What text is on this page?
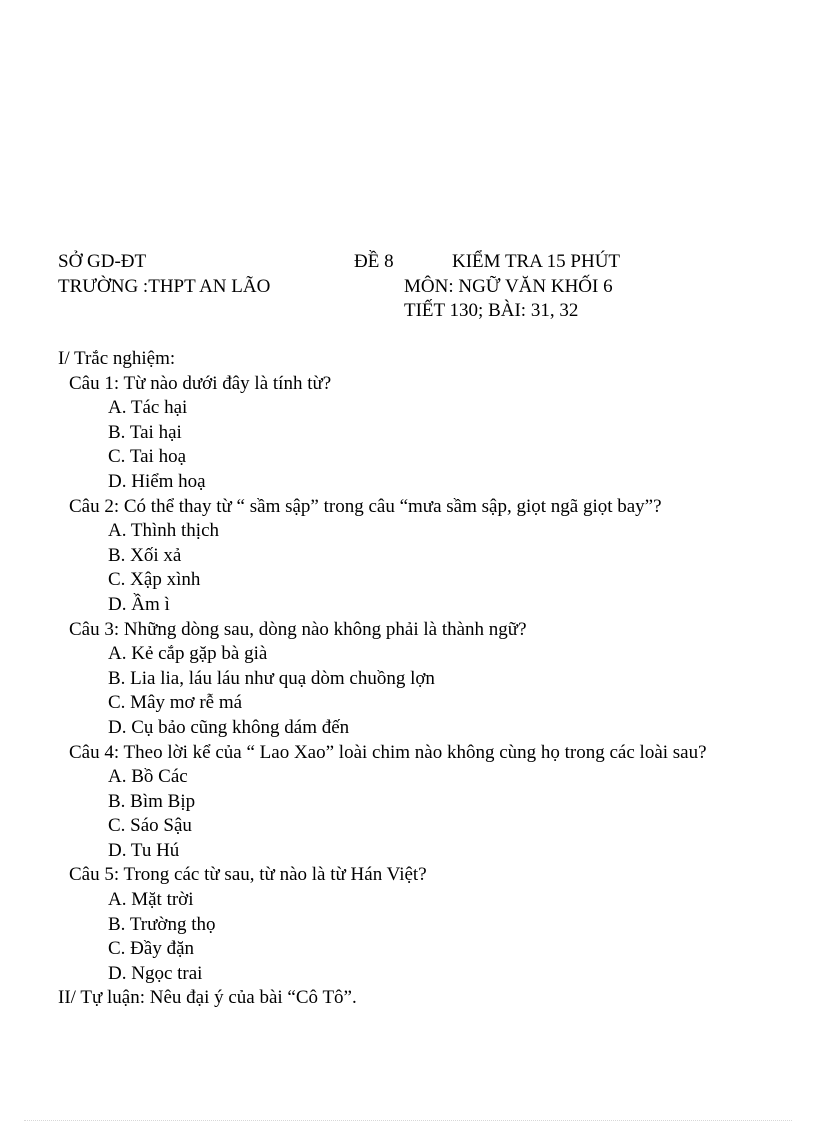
SỞ GD-ĐT	ĐỀ 8	KIỂM TRA 15 PHÚT
TRƯỜNG :THPT AN LÃO	MÔN: NGỮ VĂN KHỐI 6
TIẾT 130; BÀI: 31, 32
I/ Trắc nghiệm:
Câu 1: Từ nào dưới đây là tính từ?
A. Tác hại
B. Tai hại
C. Tai hoạ
D. Hiểm hoạ
Câu 2: Có thể thay từ “ sầm sập” trong câu “mưa sầm sập, giọt ngã giọt bay”?
A. Thình thịch
B. Xối xả
C. Xập xình
D. Ầm ì
Câu 3: Những dòng sau, dòng nào không phải là thành ngữ?
A. Kẻ cắp gặp bà già
B. Lia lia, láu láu như quạ dòm chuồng lợn
C. Mây mơ rễ má
D. Cụ bảo cũng không dám đến
Câu 4: Theo lời kể của “ Lao Xao” loài chim nào không cùng họ trong các loài sau?
A. Bồ Các
B. Bìm Bịp
C. Sáo Sậu
D. Tu Hú
Câu 5: Trong các từ sau, từ nào là từ Hán Việt?
A. Mặt trời
B. Trường thọ
C. Đầy đặn
D. Ngọc trai
II/ Tự luận: Nêu đại ý của bài “Cô Tô”.
